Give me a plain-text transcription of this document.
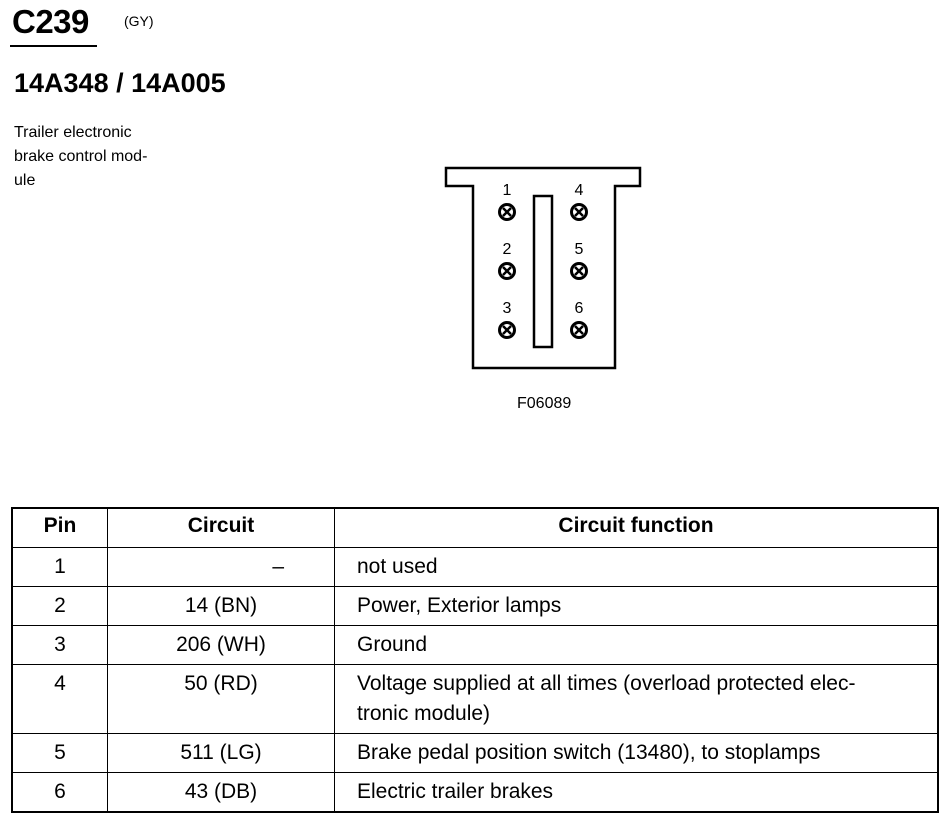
C239	(GY)
14A348 / 14A005
Trailer electronic
brake control mod-
ule
1
2
3
4
5
6
F06089
Pin	Circuit	Circuit function
1	–	not used
2	14 (BN)	Power, Exterior lamps
3	206 (WH)	Ground
4	50 (RD)	Voltage supplied at all times (overload protected elec-
tronic module)
5	511 (LG)	Brake pedal position switch (13480), to stoplamps
6	43 (DB)	Electric trailer brakes
